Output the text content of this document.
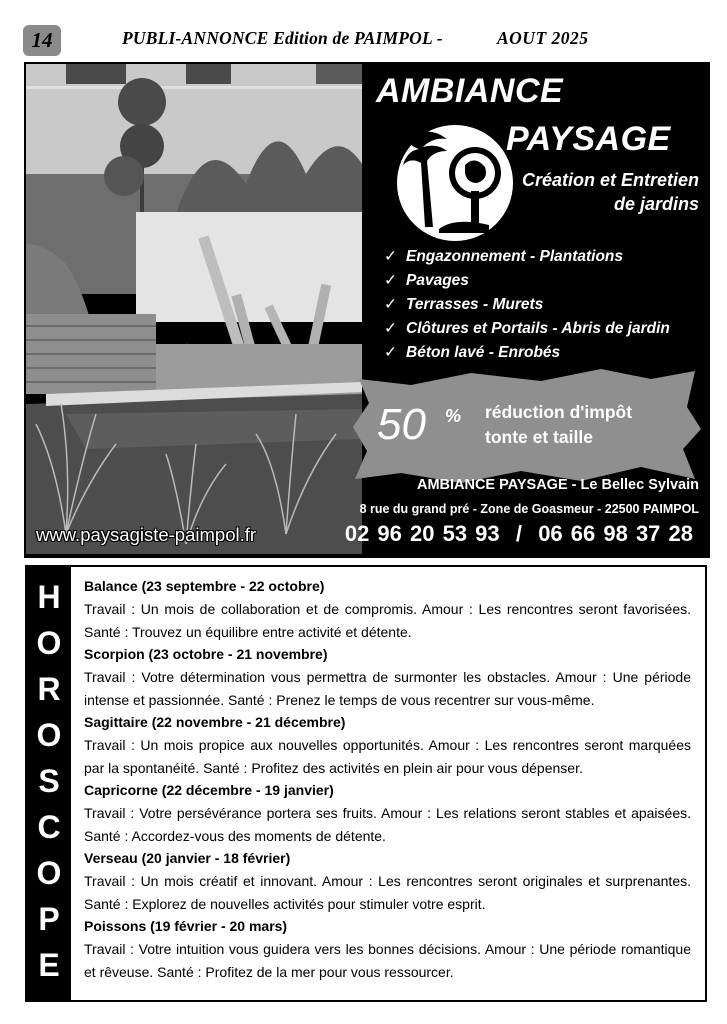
14	PUBLI-ANNONCE Edition de PAIMPOL -	AOUT 2025
AMBIANCE
PAYSAGE
Création et Entretien
de jardins
✓ Engazonnement - Plantations
✓ Pavages
✓ Terrasses - Murets
✓ Clôtures et Portails - Abris de jardin
✓ Béton lavé - Enrobés
50 % réduction d'impôt
tonte et taille
AMBIANCE PAYSAGE - Le Bellec Sylvain
8 rue du grand pré - Zone de Goasmeur - 22500 PAIMPOL
02 96 20 53 93  /  06 66 98 37 28
www.paysagiste-paimpol.fr
H
O
R
O
S
C
O
P
E

Balance (23 septembre - 22 octobre)

Travail : Un mois de collaboration et de compromis. Amour : Les rencontres seront favorisées. Santé : Trouvez un équilibre entre activité et détente.

Scorpion (23 octobre - 21 novembre)

Travail : Votre détermination vous permettra de surmonter les obstacles. Amour : Une période intense et passionnée. Santé : Prenez le temps de vous recentrer sur vous-même.

Sagittaire (22 novembre - 21 décembre)

Travail : Un mois propice aux nouvelles opportunités. Amour : Les rencontres seront marquées par la spontanéité. Santé : Profitez des activités en plein air pour vous dépenser.

Capricorne (22 décembre - 19 janvier)

Travail : Votre persévérance portera ses fruits. Amour : Les relations seront stables et apaisées. Santé : Accordez-vous des moments de détente.

Verseau (20 janvier - 18 février)

Travail : Un mois créatif et innovant. Amour : Les rencontres seront originales et surprenantes. Santé : Explorez de nouvelles activités pour stimuler votre esprit.

Poissons (19 février - 20 mars)

Travail : Votre intuition vous guidera vers les bonnes décisions. Amour : Une période romantique et rêveuse. Santé : Profitez de la mer pour vous ressourcer.
